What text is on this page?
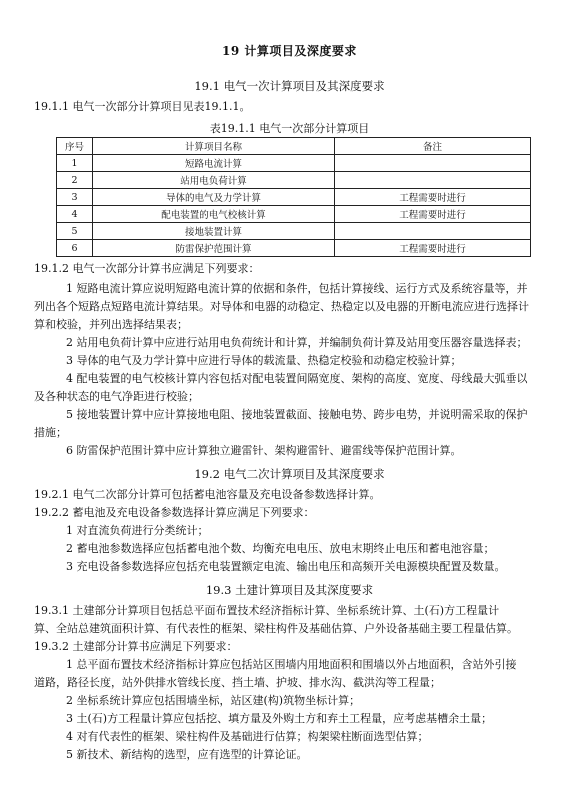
19 计算项目及深度要求
19.1 电气一次计算项目及其深度要求
19.1.1 电气一次部分计算项目见表19.1.1。
表19.1.1 电气一次部分计算项目
序号	计算项目名称	备注
1	短路电流计算	
2	站用电负荷计算	
3	导体的电气及力学计算	工程需要时进行
4	配电装置的电气校核计算	工程需要时进行
5	接地装置计算	
6	防雷保护范围计算	工程需要时进行
19.1.2 电气一次部分计算书应满足下列要求：
1 短路电流计算应说明短路电流计算的依据和条件，包括计算接线、运行方式及系统容量等，并
列出各个短路点短路电流计算结果。对导体和电器的动稳定、热稳定以及电器的开断电流应进行选择计
算和校验，并列出选择结果表；
2 站用电负荷计算中应进行站用电负荷统计和计算，并编制负荷计算及站用变压器容量选择表；
3 导体的电气及力学计算中应进行导体的载流量、热稳定校验和动稳定校验计算；
4 配电装置的电气校核计算内容包括对配电装置间隔宽度、架构的高度、宽度、母线最大弧垂以
及各种状态的电气净距进行校验；
5 接地装置计算中应计算接地电阻、接地装置截面、接触电势、跨步电势，并说明需采取的保护
措施；
6 防雷保护范围计算中应计算独立避雷针、架构避雷针、避雷线等保护范围计算。
19.2 电气二次计算项目及其深度要求
19.2.1 电气二次部分计算可包括蓄电池容量及充电设备参数选择计算。
19.2.2 蓄电池及充电设备参数选择计算应满足下列要求：
1 对直流负荷进行分类统计；
2 蓄电池参数选择应包括蓄电池个数、均衡充电电压、放电末期终止电压和蓄电池容量；
3 充电设备参数选择应包括充电装置额定电流、输出电压和高频开关电源模块配置及数量。
19.3 土建计算项目及其深度要求
19.3.1 土建部分计算项目包括总平面布置技术经济指标计算、坐标系统计算、土(石)方工程量计
算、全站总建筑面积计算、有代表性的框架、梁柱构件及基础估算、户外设备基础主要工程量估算。
19.3.2 土建部分计算书应满足下列要求：
1 总平面布置技术经济指标计算应包括站区围墙内用地面积和围墙以外占地面积，含站外引接
道路，路径长度，站外供排水管线长度、挡土墙、护坡、排水沟、截洪沟等工程量；
2 坐标系统计算应包括围墙坐标，站区建(构)筑物坐标计算；
3 土(石)方工程量计算应包括挖、填方量及外购土方和弃土工程量，应考虑基槽余土量；
4 对有代表性的框架、梁柱构件及基础进行估算；构架梁柱断面选型估算；
5 新技术、新结构的选型，应有选型的计算论证。
